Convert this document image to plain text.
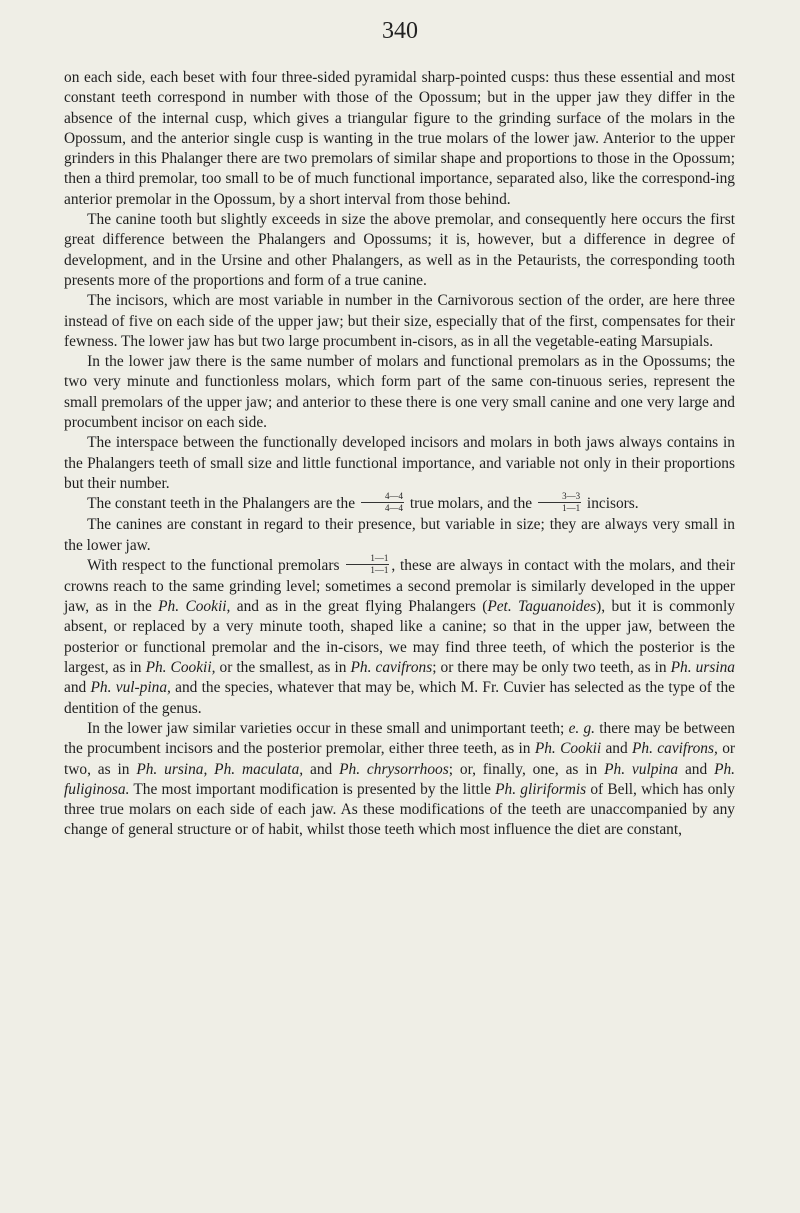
340

on each side, each beset with four three-sided pyramidal sharp-pointed cusps: thus these essential and most constant teeth correspond in number with those of the Opossum; but in the upper jaw they differ in the absence of the internal cusp, which gives a triangular figure to the grinding surface of the molars in the Opossum, and the anterior single cusp is wanting in the true molars of the lower jaw. Anterior to the upper grinders in this Phalanger there are two premolars of similar shape and proportions to those in the Opossum; then a third premolar, too small to be of much functional importance, separated also, like the correspond-ing anterior premolar in the Opossum, by a short interval from those behind.

The canine tooth but slightly exceeds in size the above premolar, and consequently here occurs the first great difference between the Phalangers and Opossums; it is, however, but a difference in degree of development, and in the Ursine and other Phalangers, as well as in the Petaurists, the corresponding tooth presents more of the proportions and form of a true canine.

The incisors, which are most variable in number in the Carnivorous section of the order, are here three instead of five on each side of the upper jaw; but their size, especially that of the first, compensates for their fewness. The lower jaw has but two large procumbent in-cisors, as in all the vegetable-eating Marsupials.

In the lower jaw there is the same number of molars and functional premolars as in the Opossums; the two very minute and functionless molars, which form part of the same con-tinuous series, represent the small premolars of the upper jaw; and anterior to these there is one very small canine and one very large and procumbent incisor on each side.

The interspace between the functionally developed incisors and molars in both jaws always contains in the Phalangers teeth of small size and little functional importance, and variable not only in their proportions but their number.

The constant teeth in the Phalangers are the $\frac{4—4}{4—4}$ true molars, and the $\frac{3—3}{1—1}$ incisors.

The canines are constant in regard to their presence, but variable in size; they are always very small in the lower jaw.

With respect to the functional premolars $\frac{1—1}{1—1}$ , these are always in contact with the molars, and their crowns reach to the same grinding level; sometimes a second premolar is similarly developed in the upper jaw, as in the Ph. Cookii, and as in the great flying Phalangers (Pet. Taguanoides), but it is commonly absent, or replaced by a very minute tooth, shaped like a canine; so that in the upper jaw, between the posterior or functional premolar and the in-cisors, we may find three teeth, of which the posterior is the largest, as in Ph. Cookii, or the smallest, as in Ph. cavifrons; or there may be only two teeth, as in Ph. ursina and Ph. vul-pina, and the species, whatever that may be, which M. Fr. Cuvier has selected as the type of the dentition of the genus.

In the lower jaw similar varieties occur in these small and unimportant teeth; e. g. there may be between the procumbent incisors and the posterior premolar, either three teeth, as in Ph. Cookii and Ph. cavifrons, or two, as in Ph. ursina, Ph. maculata, and Ph. chrysorrhoos; or, finally, one, as in Ph. vulpina and Ph. fuliginosa. The most important modification is presented by the little Ph. gliriformis of Bell, which has only three true molars on each side of each jaw. As these modifications of the teeth are unaccompanied by any change of general structure or of habit, whilst those teeth which most influence the diet are constant,
